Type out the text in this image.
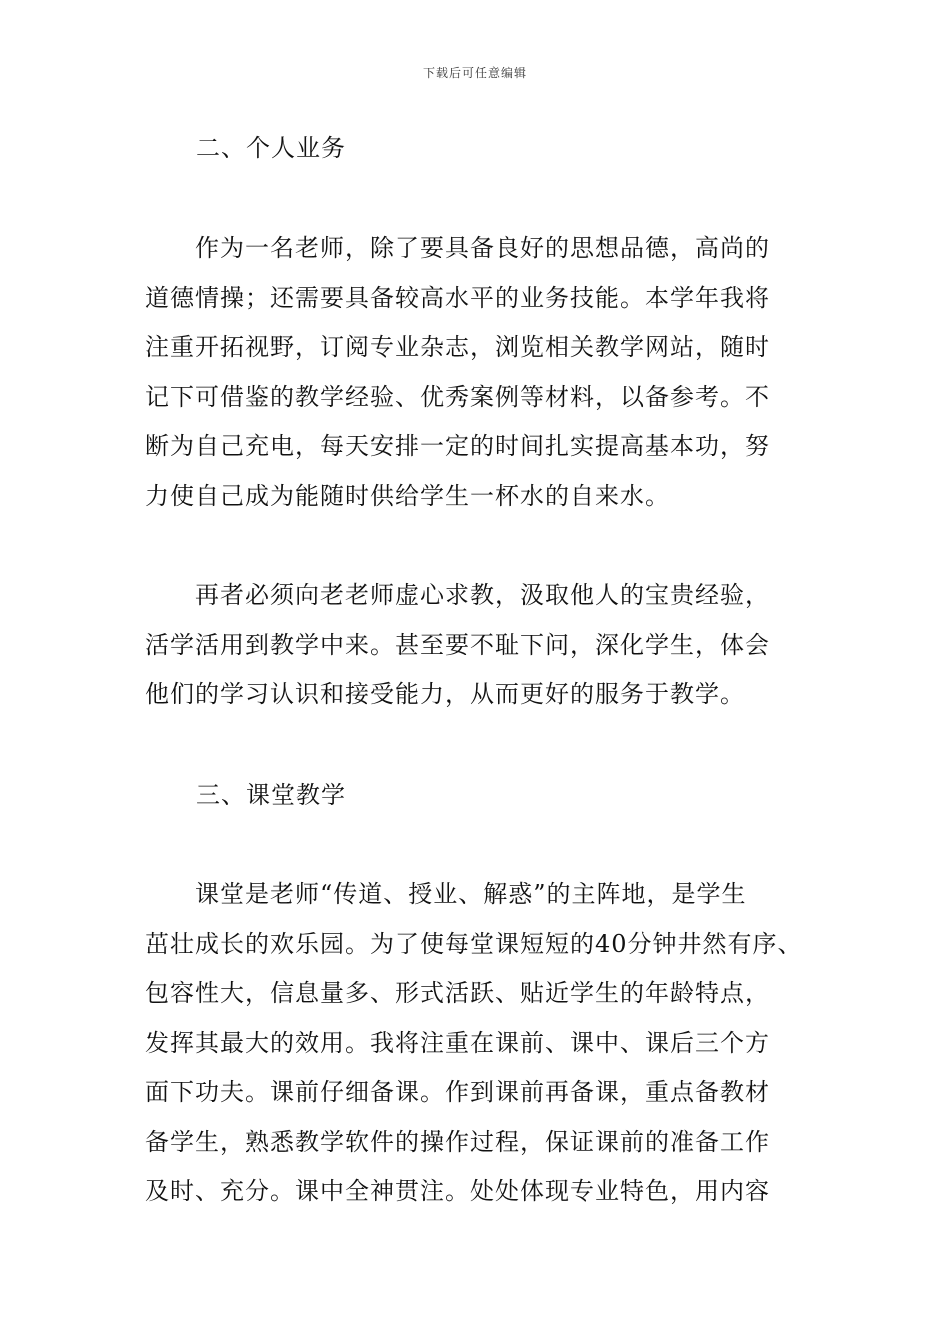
下载后可任意编辑
二、个人业务
　　作为一名老师，除了要具备良好的思想品德，高尚的
道德情操；还需要具备较高水平的业务技能。本学年我将
注重开拓视野，订阅专业杂志，浏览相关教学网站，随时
记下可借鉴的教学经验、优秀案例等材料，以备参考。不
断为自己充电，每天安排一定的时间扎实提高基本功，努
力使自己成为能随时供给学生一杯水的自来水。
　　再者必须向老老师虚心求教，汲取他人的宝贵经验，
活学活用到教学中来。甚至要不耻下问，深化学生，体会
他们的学习认识和接受能力，从而更好的服务于教学。
三、课堂教学
　　课堂是老师“传道、授业、解惑”的主阵地，是学生
茁壮成长的欢乐园。为了使每堂课短短的40分钟井然有序、
包容性大，信息量多、形式活跃、贴近学生的年龄特点，
发挥其最大的效用。我将注重在课前、课中、课后三个方
面下功夫。课前仔细备课。作到课前再备课，重点备教材
备学生，熟悉教学软件的操作过程，保证课前的准备工作
及时、充分。课中全神贯注。处处体现专业特色，用内容
